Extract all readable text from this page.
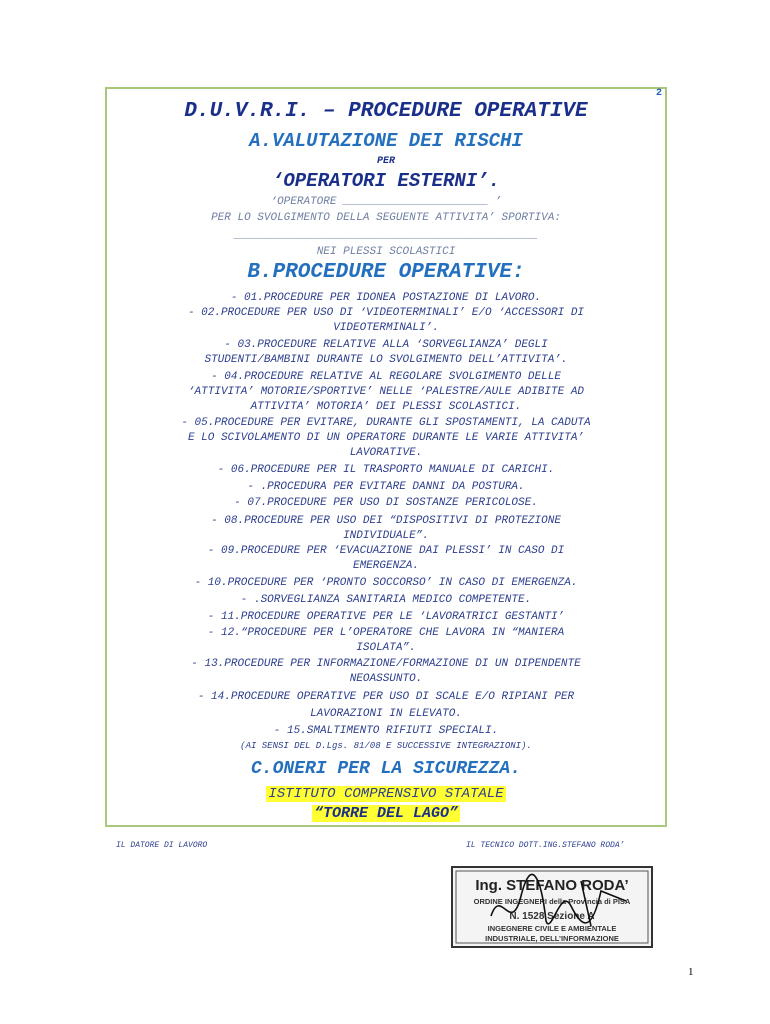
2
D.U.V.R.I. – PROCEDURE OPERATIVE
A.VALUTAZIONE DEI RISCHI
PER
‘OPERATORI ESTERNI’.
‘OPERATORE ______________________ ’
PER LO SVOLGIMENTO DELLA SEGUENTE ATTIVITA’ SPORTIVA:
______________________________________________
NEI PLESSI SCOLASTICI
B.PROCEDURE OPERATIVE:
- 01.PROCEDURE PER IDONEA POSTAZIONE DI LAVORO.
- 02.PROCEDURE PER USO DI ‘VIDEOTERMINALI’ E/O ‘ACCESSORI DI
VIDEOTERMINALI’.
- 03.PROCEDURE RELATIVE ALLA ‘SORVEGLIANZA’ DEGLI
STUDENTI/BAMBINI DURANTE LO SVOLGIMENTO DELL’ATTIVITA’.
- 04.PROCEDURE RELATIVE AL REGOLARE SVOLGIMENTO DELLE
‘ATTIVITA’ MOTORIE/SPORTIVE’ NELLE ‘PALESTRE/AULE ADIBITE AD
ATTIVITA’ MOTORIA’ DEI PLESSI SCOLASTICI.
- 05.PROCEDURE PER EVITARE, DURANTE GLI SPOSTAMENTI, LA CADUTA
E LO SCIVOLAMENTO DI UN OPERATORE DURANTE LE VARIE ATTIVITA’
LAVORATIVE.
- 06.PROCEDURE PER IL TRASPORTO MANUALE DI CARICHI.
- .PROCEDURA PER EVITARE DANNI DA POSTURA.
- 07.PROCEDURE PER USO DI SOSTANZE PERICOLOSE.
- 08.PROCEDURE PER USO DEI “DISPOSITIVI DI PROTEZIONE
INDIVIDUALE”.
- 09.PROCEDURE PER ‘EVACUAZIONE DAI PLESSI’ IN CASO DI
EMERGENZA.
- 10.PROCEDURE PER ‘PRONTO SOCCORSO’ IN CASO DI EMERGENZA.
- .SORVEGLIANZA SANITARIA MEDICO COMPETENTE.
- 11.PROCEDURE OPERATIVE PER LE ‘LAVORATRICI GESTANTI’
- 12.“PROCEDURE PER L’OPERATORE CHE LAVORA IN “MANIERA
ISOLATA”.
- 13.PROCEDURE PER INFORMAZIONE/FORMAZIONE DI UN DIPENDENTE
NEOASSUNTO.
- 14.PROCEDURE OPERATIVE PER USO DI SCALE E/O RIPIANI PER
LAVORAZIONI IN ELEVATO.
- 15.SMALTIMENTO RIFIUTI SPECIALI.
(AI SENSI DEL D.Lgs. 81/08 E SUCCESSIVE INTEGRAZIONI).
C.ONERI PER LA SICUREZZA.
ISTITUTO COMPRENSIVO STATALE
“TORRE DEL LAGO”
IL DATORE DI LAVORO	IL TECNICO DOTT.ING.STEFANO RODA’
Ing. STEFANO RODA’
ORDINE INGEGNERI della Provincia di PISA
N. 1528 Sezione A
INGEGNERE CIVILE E AMBIENTALE
INDUSTRIALE, DELL’INFORMAZIONE
1
